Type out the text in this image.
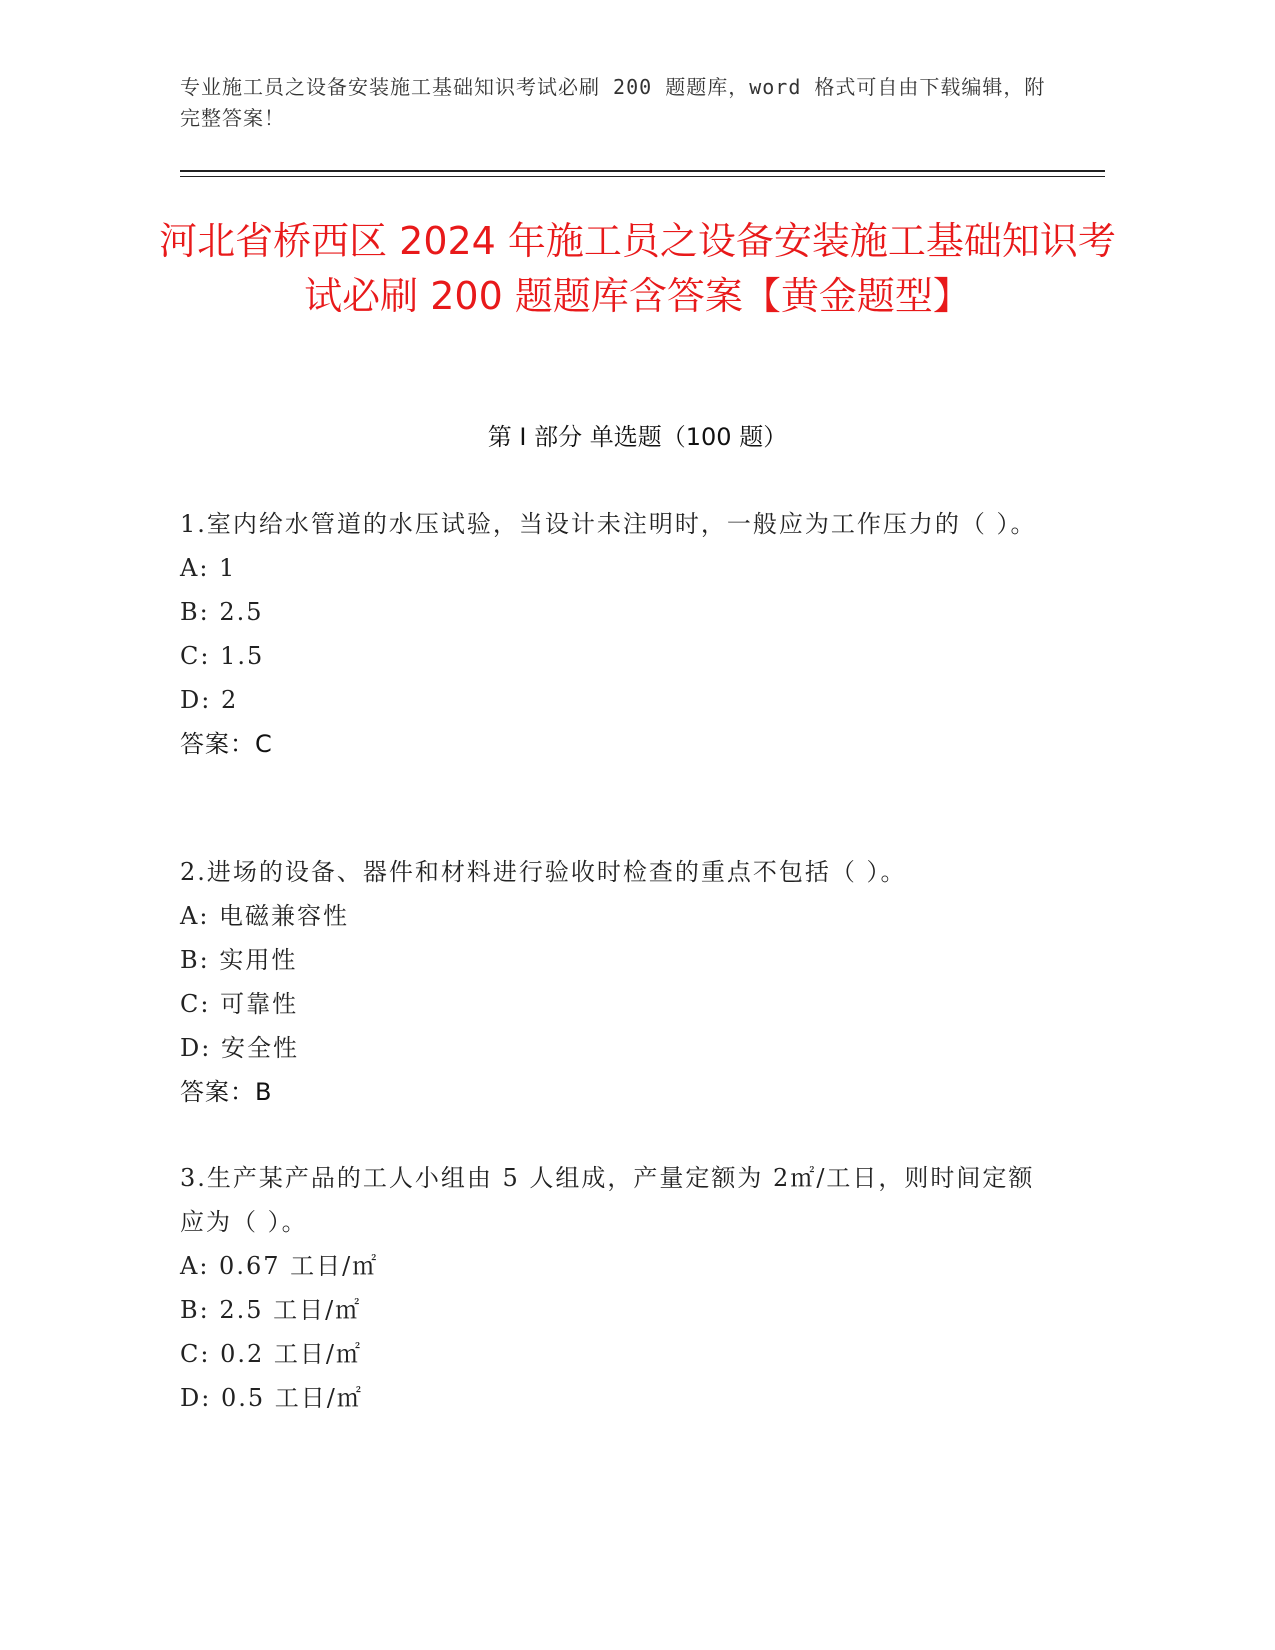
专业施工员之设备安装施工基础知识考试必刷 200 题题库，word 格式可自由下载编辑，附完整答案！
河北省桥西区 2024 年施工员之设备安装施工基础知识考试必刷 200 题题库含答案【黄金题型】
第 I 部分 单选题（100 题）
1.室内给水管道的水压试验，当设计未注明时，一般应为工作压力的（ ）。
A: 1
B: 2.5
C: 1.5
D: 2
答案：C
2.进场的设备、器件和材料进行验收时检查的重点不包括（ ）。
A: 电磁兼容性
B: 实用性
C: 可靠性
D: 安全性
答案：B
3.生产某产品的工人小组由 5 人组成，产量定额为 2㎡/工日，则时间定额应为（ ）。
A: 0.67 工日/㎡
B: 2.5 工日/㎡
C: 0.2 工日/㎡
D: 0.5 工日/㎡
